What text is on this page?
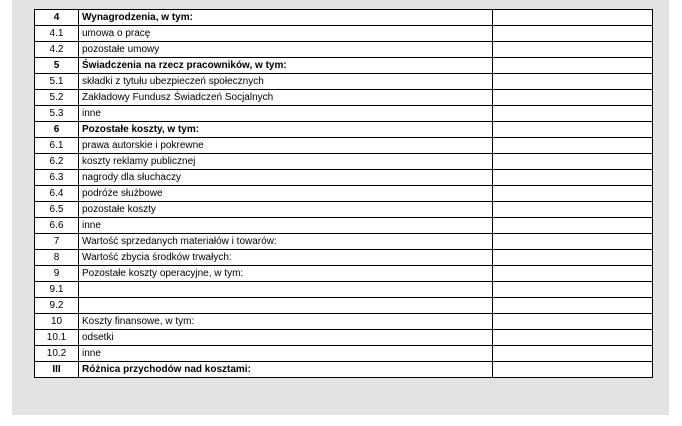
4	Wynagrodzenia, w tym:	
4.1	umowa o pracę	
4.2	pozostałe umowy	
5	Świadczenia na rzecz pracowników, w tym:	
5.1	składki z tytułu ubezpieczeń społecznych	
5.2	Zakładowy Fundusz Świadczeń Socjalnych	
5.3	inne	
6	Pozostałe koszty, w tym:	
6.1	prawa autorskie i pokrewne	
6.2	koszty reklamy publicznej	
6.3	nagrody dla słuchaczy	
6.4	podróże służbowe	
6.5	pozostałe koszty	
6.6	inne	
7	Wartość sprzedanych materiałów i towarów:	
8	Wartość zbycia środków trwałych:	
9	Pozostałe koszty operacyjne, w tym:	
9.1		
9.2		
10	Koszty finansowe, w tym:	
10.1	odsetki	
10.2	inne	
III	Różnica przychodów nad kosztami:	
